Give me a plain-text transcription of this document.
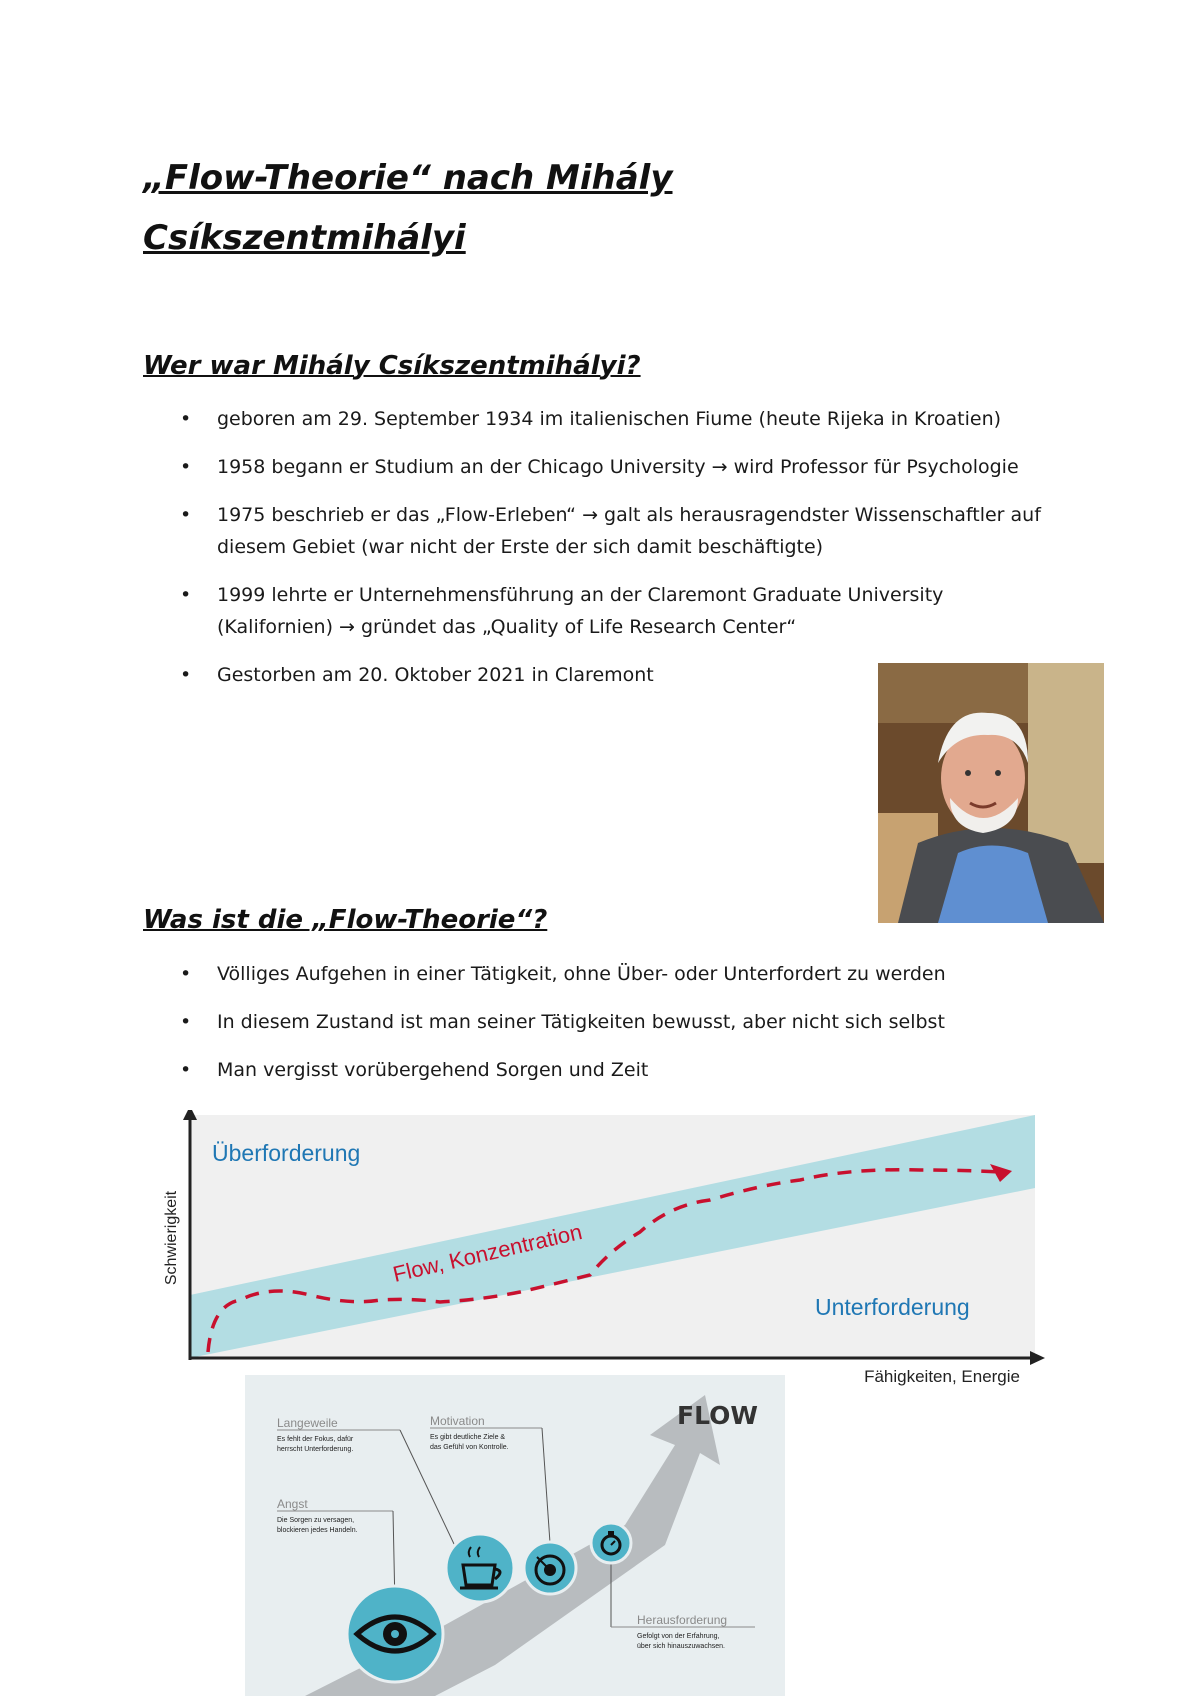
„Flow-Theorie“ nach Mihály Csíkszentmihályi
Wer war Mihály Csíkszentmihályi?
• geboren am 29. September 1934 im italienischen Fiume (heute Rijeka in Kroatien)
• 1958 begann er Studium an der Chicago University → wird Professor für Psychologie
• 1975 beschrieb er das „Flow-Erleben“ → galt als herausragendster Wissenschaftler auf diesem Gebiet (war nicht der Erste der sich damit beschäftigte)
• 1999 lehrte er Unternehmensführung an der Claremont Graduate University (Kalifornien) → gründet das „Quality of Life Research Center“
• Gestorben am 20. Oktober 2021 in Claremont
Was ist die „Flow-Theorie“?
• Völliges Aufgehen in einer Tätigkeit, ohne Über- oder Unterfordert zu werden
• In diesem Zustand ist man seiner Tätigkeiten bewusst, aber nicht sich selbst
• Man vergisst vorübergehend Sorgen und Zeit
Überforderung
Unterforderung
Flow, Konzentration
Schwierigkeit
Fähigkeiten, Energie
FLOW
Langeweile
Es fehlt der Fokus, dafür
herrscht Unterforderung.
Motivation
Es gibt deutliche Ziele &
das Gefühl von Kontrolle.
Angst
Die Sorgen zu versagen,
blockieren jedes Handeln.
Herausforderung
Gefolgt von der Erfahrung,
über sich hinauszuwachsen.
